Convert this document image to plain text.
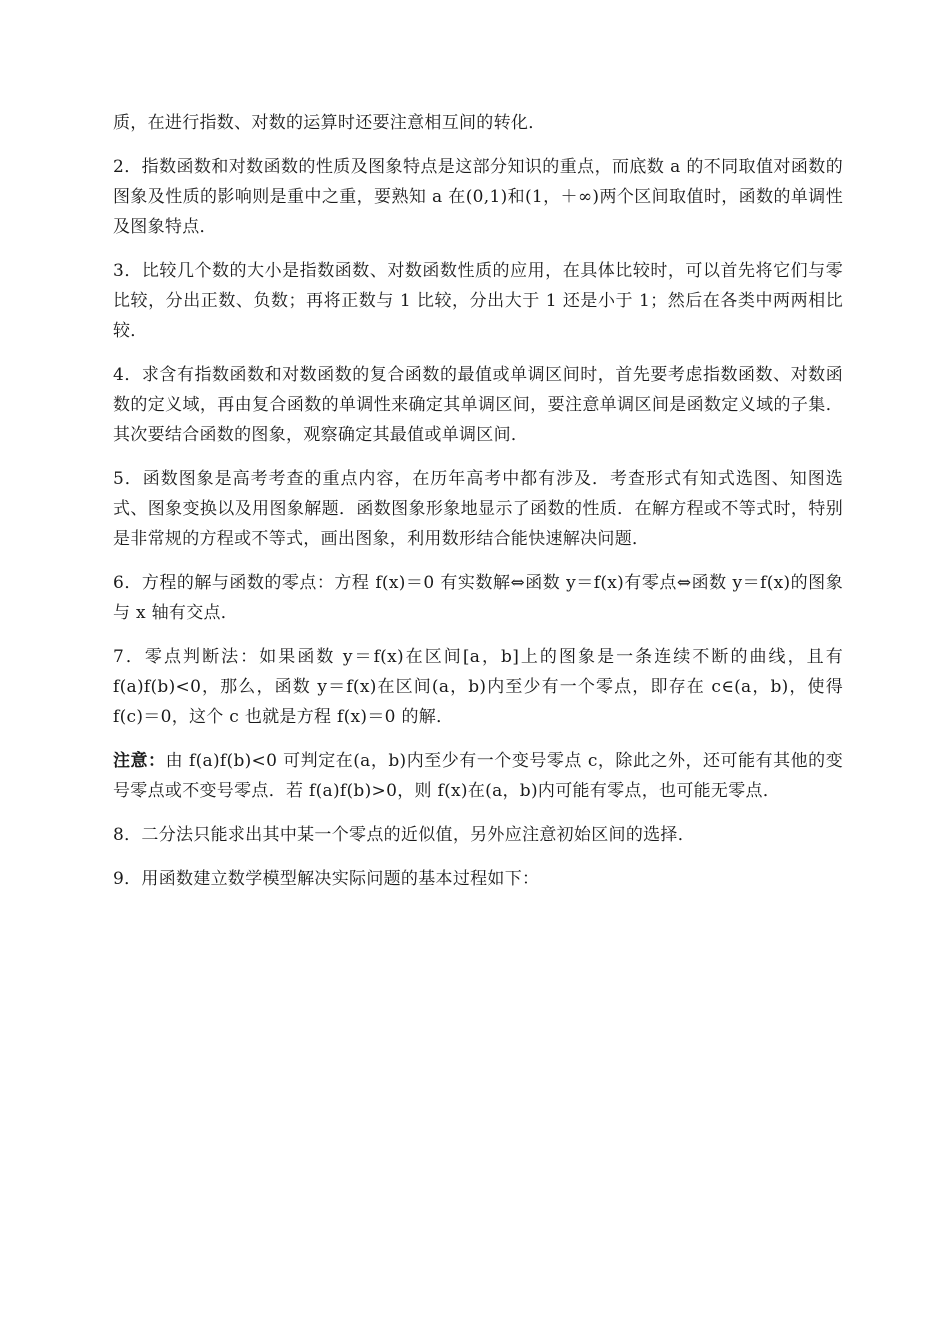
质，在进行指数、对数的运算时还要注意相互间的转化．

2．指数函数和对数函数的性质及图象特点是这部分知识的重点，而底数 a 的不同取值对函数的图象及性质的影响则是重中之重，要熟知 a 在(0,1)和(1，＋∞)两个区间取值时，函数的单调性及图象特点．

3．比较几个数的大小是指数函数、对数函数性质的应用，在具体比较时，可以首先将它们与零比较，分出正数、负数；再将正数与 1 比较，分出大于 1 还是小于 1；然后在各类中两两相比较．

4．求含有指数函数和对数函数的复合函数的最值或单调区间时，首先要考虑指数函数、对数函数的定义域，再由复合函数的单调性来确定其单调区间，要注意单调区间是函数定义域的子集．其次要结合函数的图象，观察确定其最值或单调区间．

5．函数图象是高考考查的重点内容，在历年高考中都有涉及．考查形式有知式选图、知图选式、图象变换以及用图象解题．函数图象形象地显示了函数的性质．在解方程或不等式时，特别是非常规的方程或不等式，画出图象，利用数形结合能快速解决问题．

6．方程的解与函数的零点：方程 f(x)＝0 有实数解⇔函数 y＝f(x)有零点⇔函数 y＝f(x)的图象与 x 轴有交点．

7．零点判断法：如果函数 y＝f(x)在区间[a，b]上的图象是一条连续不断的曲线，且有 f(a)f(b)<0，那么，函数 y＝f(x)在区间(a，b)内至少有一个零点，即存在 c∈(a，b)，使得 f(c)＝0，这个 c 也就是方程 f(x)＝0 的解．

注意：由 f(a)f(b)<0 可判定在(a，b)内至少有一个变号零点 c，除此之外，还可能有其他的变号零点或不变号零点．若 f(a)f(b)>0，则 f(x)在(a，b)内可能有零点，也可能无零点．

8．二分法只能求出其中某一个零点的近似值，另外应注意初始区间的选择．

9．用函数建立数学模型解决实际问题的基本过程如下：
